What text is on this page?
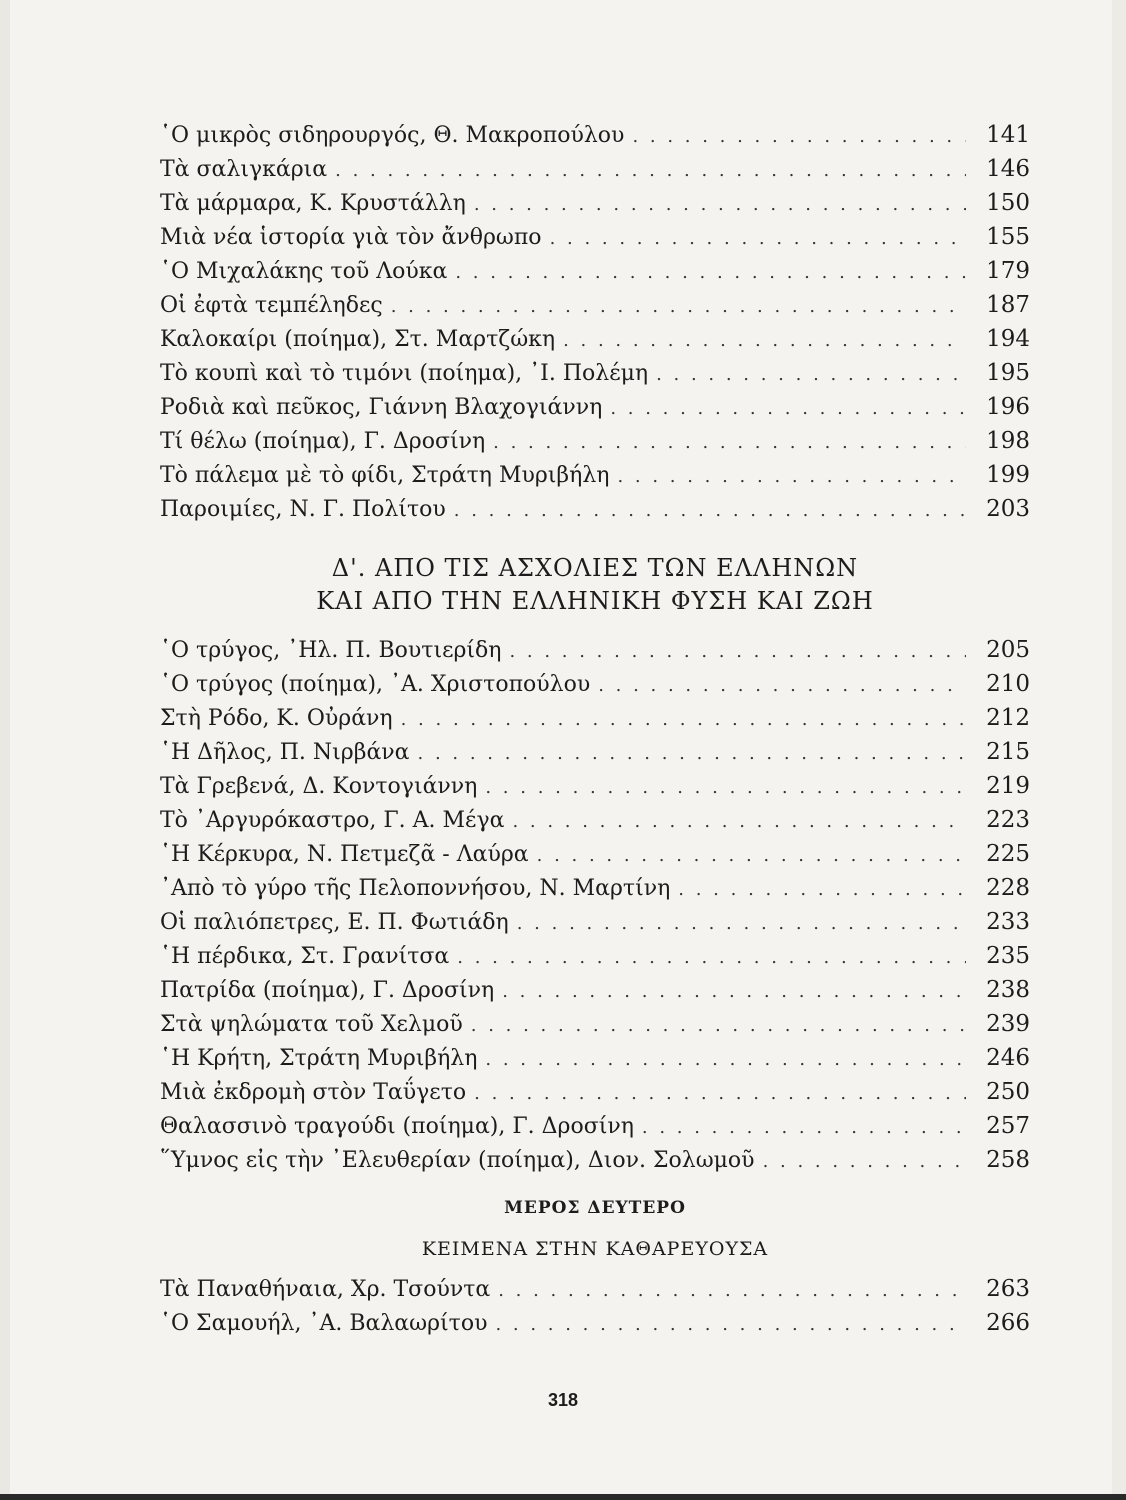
῾Ο μικρὸς σιδηρουργός, Θ. Μακροπούλου . . .	141
Τὰ σαλιγκάρια . . .	146
Τὰ μάρμαρα, Κ. Κρυστάλλη . . .	150
Μιὰ νέα ἱστορία γιὰ τὸν ἄνθρωπο . . .	155
῾Ο Μιχαλάκης τοῦ Λούκα . . .	179
Οἱ ἐφτὰ τεμπέληδες . . .	187
Καλοκαίρι (ποίημα), Στ. Μαρτζώκη . . .	194
Τὸ κουπὶ καὶ τὸ τιμόνι (ποίημα), ᾿Ι. Πολέμη . . .	195
Ροδιὰ καὶ πεῦκος, Γιάννη Βλαχογιάννη . . .	196
Τί θέλω (ποίημα), Γ. Δροσίνη . . .	198
Τὸ πάλεμα μὲ τὸ φίδι, Στράτη Μυριβήλη . . .	199
Παροιμίες, Ν. Γ. Πολίτου . . .	203
Δ'. ΑΠΟ ΤΙΣ ΑΣΧΟΛΙΕΣ ΤΩΝ ΕΛΛΗΝΩΝ
ΚΑΙ ΑΠΟ ΤΗΝ ΕΛΛΗΝΙΚΗ ΦΥΣΗ ΚΑΙ ΖΩΗ
῾Ο τρύγος, ᾿Ηλ. Π. Βουτιερίδη . . .	205
῾Ο τρύγος (ποίημα), ᾿Α. Χριστοπούλου . . .	210
Στὴ Ρόδο, Κ. Οὐράνη . . .	212
῾Η Δῆλος, Π. Νιρβάνα . . .	215
Τὰ Γρεβενά, Δ. Κοντογιάννη . . .	219
Τὸ ᾿Αργυρόκαστρο, Γ. Α. Μέγα . . .	223
῾Η Κέρκυρα, Ν. Πετμεζᾶ - Λαύρα . . .	225
᾿Απὸ τὸ γύρο τῆς Πελοποννήσου, Ν. Μαρτίνη . . .	228
Οἱ παλιόπετρες, Ε. Π. Φωτιάδη . . .	233
῾Η πέρδικα, Στ. Γρανίτσα . . .	235
Πατρίδα (ποίημα), Γ. Δροσίνη . . .	238
Στὰ ψηλώματα τοῦ Χελμοῦ . . .	239
῾Η Κρήτη, Στράτη Μυριβήλη . . .	246
Μιὰ ἐκδρομὴ στὸν Ταΰγετο . . .	250
Θαλασσινὸ τραγούδι (ποίημα), Γ. Δροσίνη . . .	257
῞Υμνος εἰς τὴν ᾿Ελευθερίαν (ποίημα), Διον. Σολωμοῦ . . .	258
ΜΕΡΟΣ ΔΕΥΤΕΡΟ
ΚΕΙΜΕΝΑ ΣΤΗΝ ΚΑΘΑΡΕΥΟΥΣΑ
Τὰ Παναθήναια, Χρ. Τσούντα . . .	263
῾Ο Σαμουήλ, ᾿Α. Βαλαωρίτου . . .	266
318
